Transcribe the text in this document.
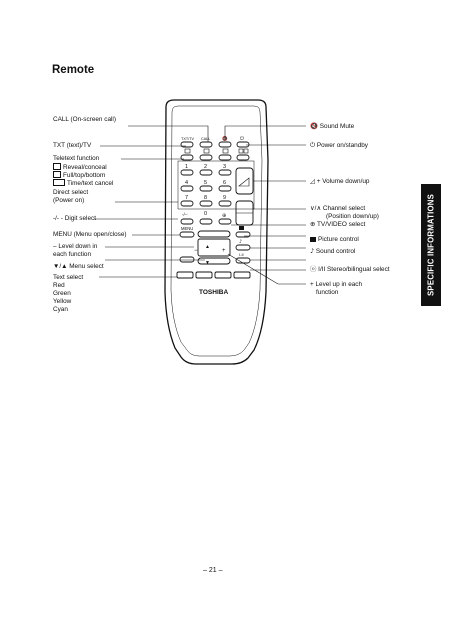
Remote
SPECIFIC INFORMATIONS
TXT/TV CALL	🔇 ⏻
1	2	3
4	5	6
7	8	9
0
-/--	⊕
MENU
▲
▼
+
−
♪
I-II
TOSHIBA
CALL (On-screen call)
TXT (text)/TV
Teletext function
Reveal/conceal
Full/top/bottom
Time/text cancel
Direct select
(Power on)
-/- - Digit select
MENU (Menu open/close)
– Level down in
each function
▼/▲ Menu select
Text select
Red
Green
Yellow
Cyan
🔇 Sound Mute
⏻ Power on/standby
◿ + Volume down/up
∨/∧ Channel select
(Position down/up)
⊕ TV/VIDEO select
Picture control
♪ Sound control
ⓞ I/II Stereo/bilingual select
+ Level up in each
function
– 21 –
